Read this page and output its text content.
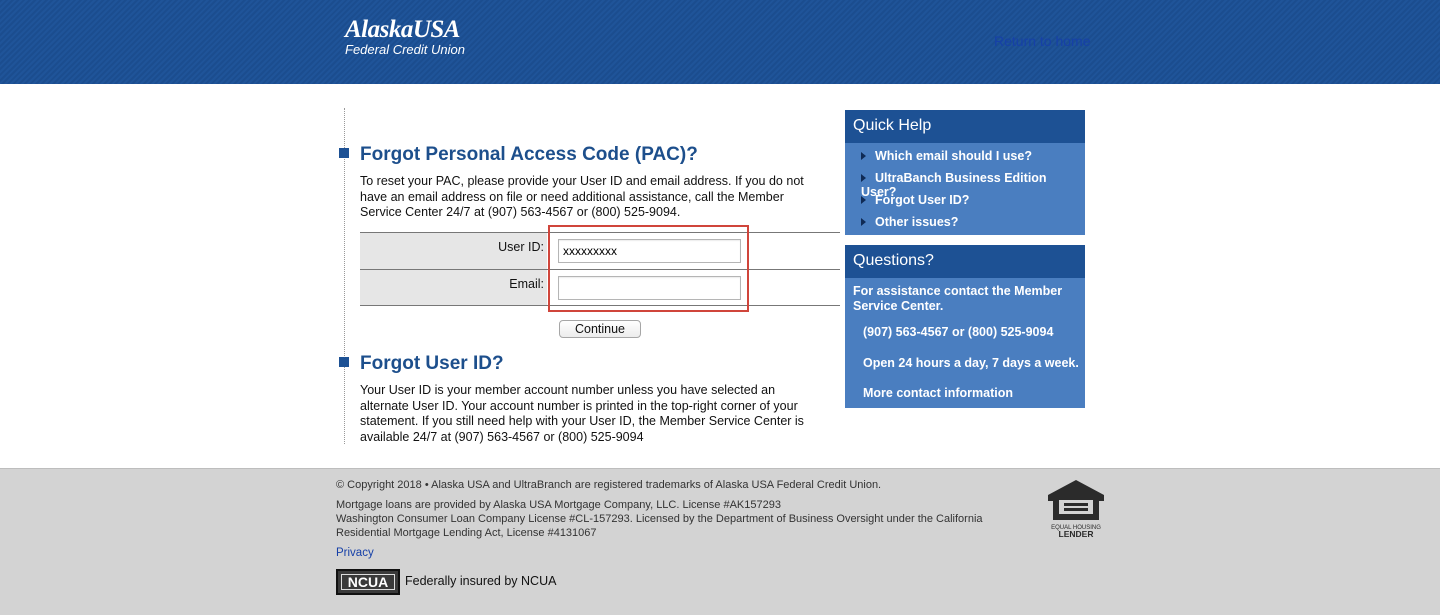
AlaskaUSA
Federal Credit Union
Return to home
Forgot Personal Access Code (PAC)?
To reset your PAC, please provide your User ID and email address. If you do not
have an email address on file or need additional assistance, call the Member
Service Center 24/7 at (907) 563-4567 or (800) 525-9094.
User ID:
xxxxxxxxx
Email:
Continue
Forgot User ID?
Your User ID is your member account number unless you have selected an
alternate User ID. Your account number is printed in the top-right corner of your
statement. If you still need help with your User ID, the Member Service Center is
available 24/7 at (907) 563-4567 or (800) 525-9094
Quick Help
Which email should I use?
UltraBanch Business Edition User?
Forgot User ID?
Other issues?
Questions?
For assistance contact the Member
Service Center.
(907) 563-4567 or (800) 525-9094
Open 24 hours a day, 7 days a week.
More contact information
© Copyright 2018 • Alaska USA and UltraBranch are registered trademarks of Alaska USA Federal Credit Union.
Mortgage loans are provided by Alaska USA Mortgage Company, LLC. License #AK157293
Washington Consumer Loan Company License #CL-157293. Licensed by the Department of Business Oversight under the California
Residential Mortgage Lending Act, License #4131067
Privacy
NCUA	Federally insured by NCUA
EQUAL HOUSING
LENDER
